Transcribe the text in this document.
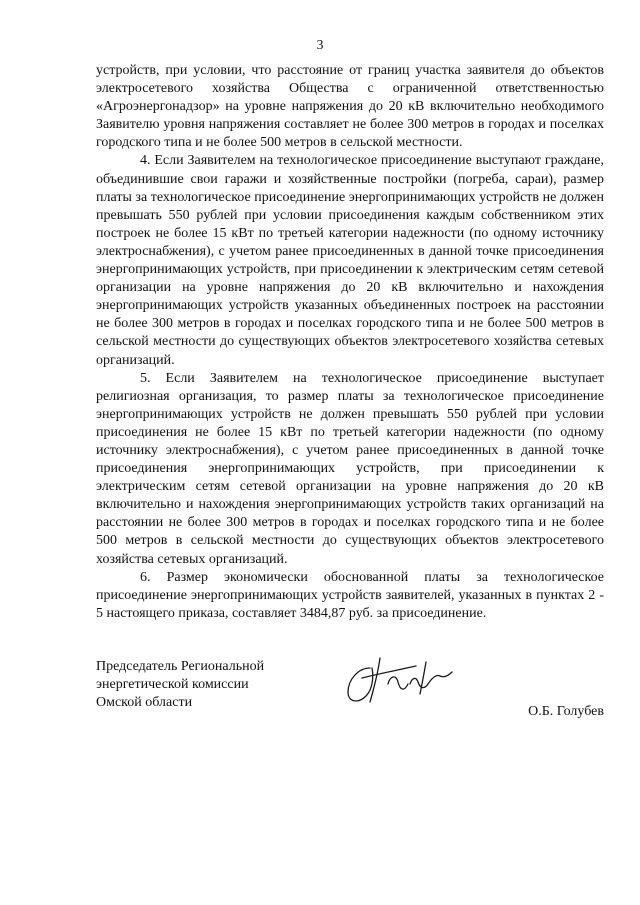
3

устройств, при условии, что расстояние от границ участка заявителя до объектов электросетевого хозяйства Общества с ограниченной ответственностью «Агроэнергонадзор» на уровне напряжения до 20 кВ включительно необходимого Заявителю уровня напряжения составляет не более 300 метров в городах и поселках городского типа и не более 500 метров в сельской местности.

4. Если Заявителем на технологическое присоединение выступают граждане, объединившие свои гаражи и хозяйственные постройки (погреба, сараи), размер платы за технологическое присоединение энергопринимающих устройств не должен превышать 550 рублей при условии присоединения каждым собственником этих построек не более 15 кВт по третьей категории надежности (по одному источнику электроснабжения), с учетом ранее присоединенных в данной точке присоединения энергопринимающих устройств, при присоединении к электрическим сетям сетевой организации на уровне напряжения до 20 кВ включительно и нахождения энергопринимающих устройств указанных объединенных построек на расстоянии не более 300 метров в городах и поселках городского типа и не более 500 метров в сельской местности до существующих объектов электросетевого хозяйства сетевых организаций.

5. Если Заявителем на технологическое присоединение выступает религиозная организация, то размер платы за технологическое присоединение энергопринимающих устройств не должен превышать 550 рублей при условии присоединения не более 15 кВт по третьей категории надежности (по одному источнику электроснабжения), с учетом ранее присоединенных в данной точке присоединения энергопринимающих устройств, при присоединении к электрическим сетям сетевой организации на уровне напряжения до 20 кВ включительно и нахождения энергопринимающих устройств таких организаций на расстоянии не более 300 метров в городах и поселках городского типа и не более 500 метров в сельской местности до существующих объектов электросетевого хозяйства сетевых организаций.

6. Размер экономически обоснованной платы за технологическое присоединение энергопринимающих устройств заявителей, указанных в пунктах 2 - 5 настоящего приказа, составляет 3484,87 руб. за присоединение.

Председатель Региональной
энергетической комиссии
Омской области
О.Б. Голубев
